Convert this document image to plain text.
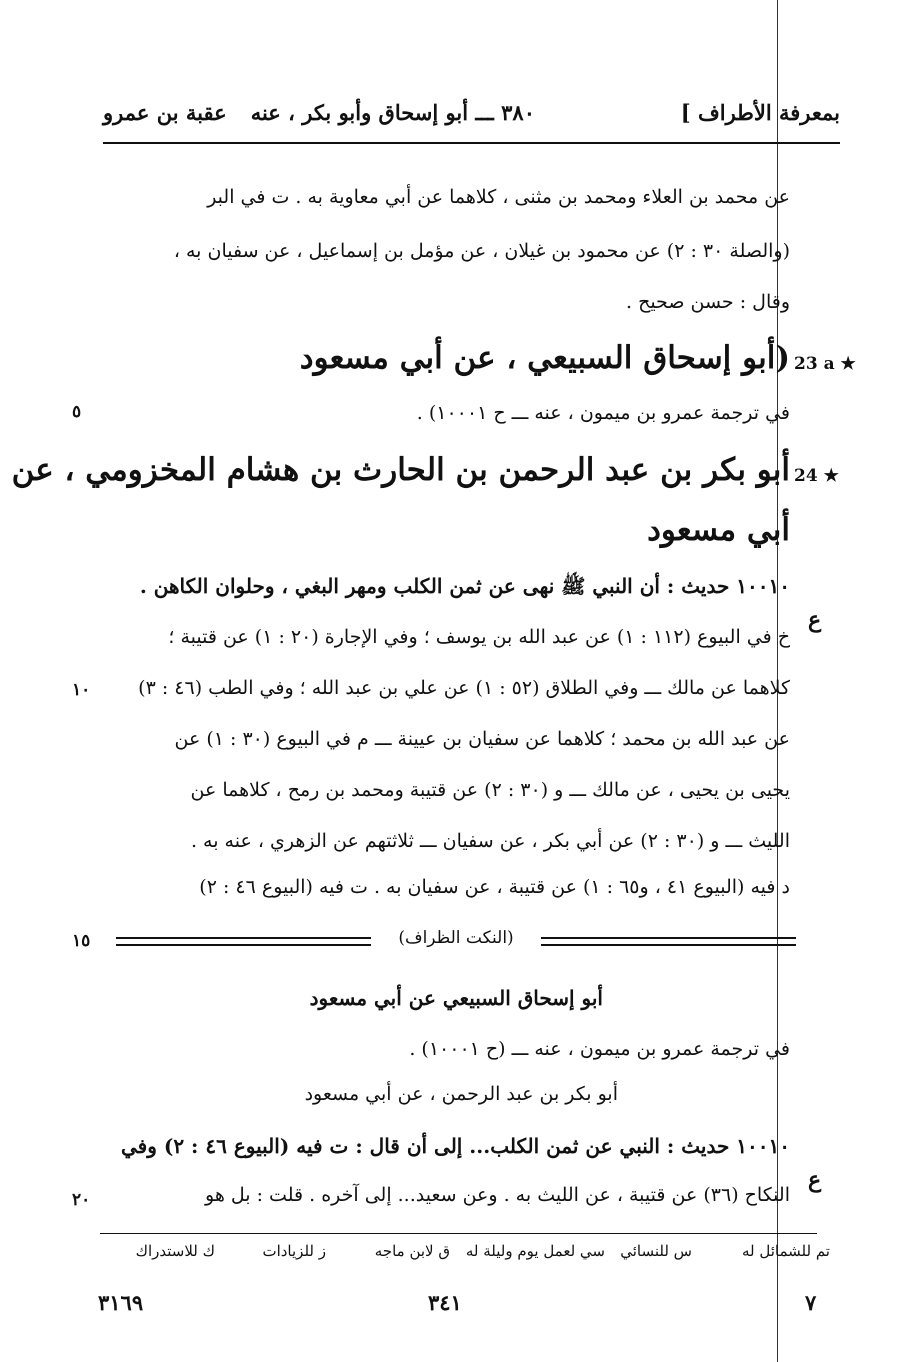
عقبة بن عمرو	٣٨٠ ـــ أبو إسحاق وأبو بكر ، عنه	بمعرفة الأطراف ]
عن محمد بن العلاء ومحمد بن مثنى ، كلاهما عن أبي معاوية به . ت في البر
(والصلة ٣٠ : ٢) عن محمود بن غيلان ، عن مؤمل بن إسماعيل ، عن سفيان به ،
وقال : حسن صحيح .
23 a ★
(أبو إسحاق السبيعي ، عن أبي مسعود
في ترجمة عمرو بن ميمون ، عنه ـــ ح ١٠٠٠١) .
٥
24 ★
أبو بكر بن عبد الرحمن بن الحارث بن هشام المخزومي ، عن
أبي مسعود
١٠٠١٠ حديث : أن النبي ﷺ نهى عن ثمن الكلب ومهر البغي ، وحلوان الكاهن .
ع
خ في البيوع (١١٢ : ١) عن عبد الله بن يوسف ؛ وفي الإجارة (٢٠ : ١) عن قتيبة ؛
كلاهما عن مالك ـــ وفي الطلاق (٥٢ : ١) عن علي بن عبد الله ؛ وفي الطب (٤٦ : ٣)
١٠
عن عبد الله بن محمد ؛ كلاهما عن سفيان بن عيينة ـــ م في البيوع (٣٠ : ١) عن
يحيى بن يحيى ، عن مالك ـــ و (٣٠ : ٢) عن قتيبة ومحمد بن رمح ، كلاهما عن
الليث ـــ و (٣٠ : ٢) عن أبي بكر ، عن سفيان ـــ ثلاثتهم عن الزهري ، عنه به .
د فيه (البيوع ٤١ ، و٦٥ : ١) عن قتيبة ، عن سفيان به . ت فيه (البيوع ٤٦ : ٢)
(النكت الظراف)
١٥
أبو إسحاق السبيعي عن أبي مسعود
في ترجمة عمرو بن ميمون ، عنه ـــ (ح ١٠٠٠١) .
أبو بكر بن عبد الرحمن ، عن أبي مسعود
١٠٠١٠ حديث : النبي عن ثمن الكلب... إلى أن قال : ت فيه (البيوع ٤٦ : ٢) وفي
ع
النكاح (٣٦) عن قتيبة ، عن الليث به . وعن سعيد... إلى آخره . قلت : بل هو
٢٠
تم للشمائل له
س للنسائي
سي لعمل يوم وليلة له
ق لابن ماجه
ز للزيادات
ك للاستدراك
٣١٦٩	٣٤١	٧
